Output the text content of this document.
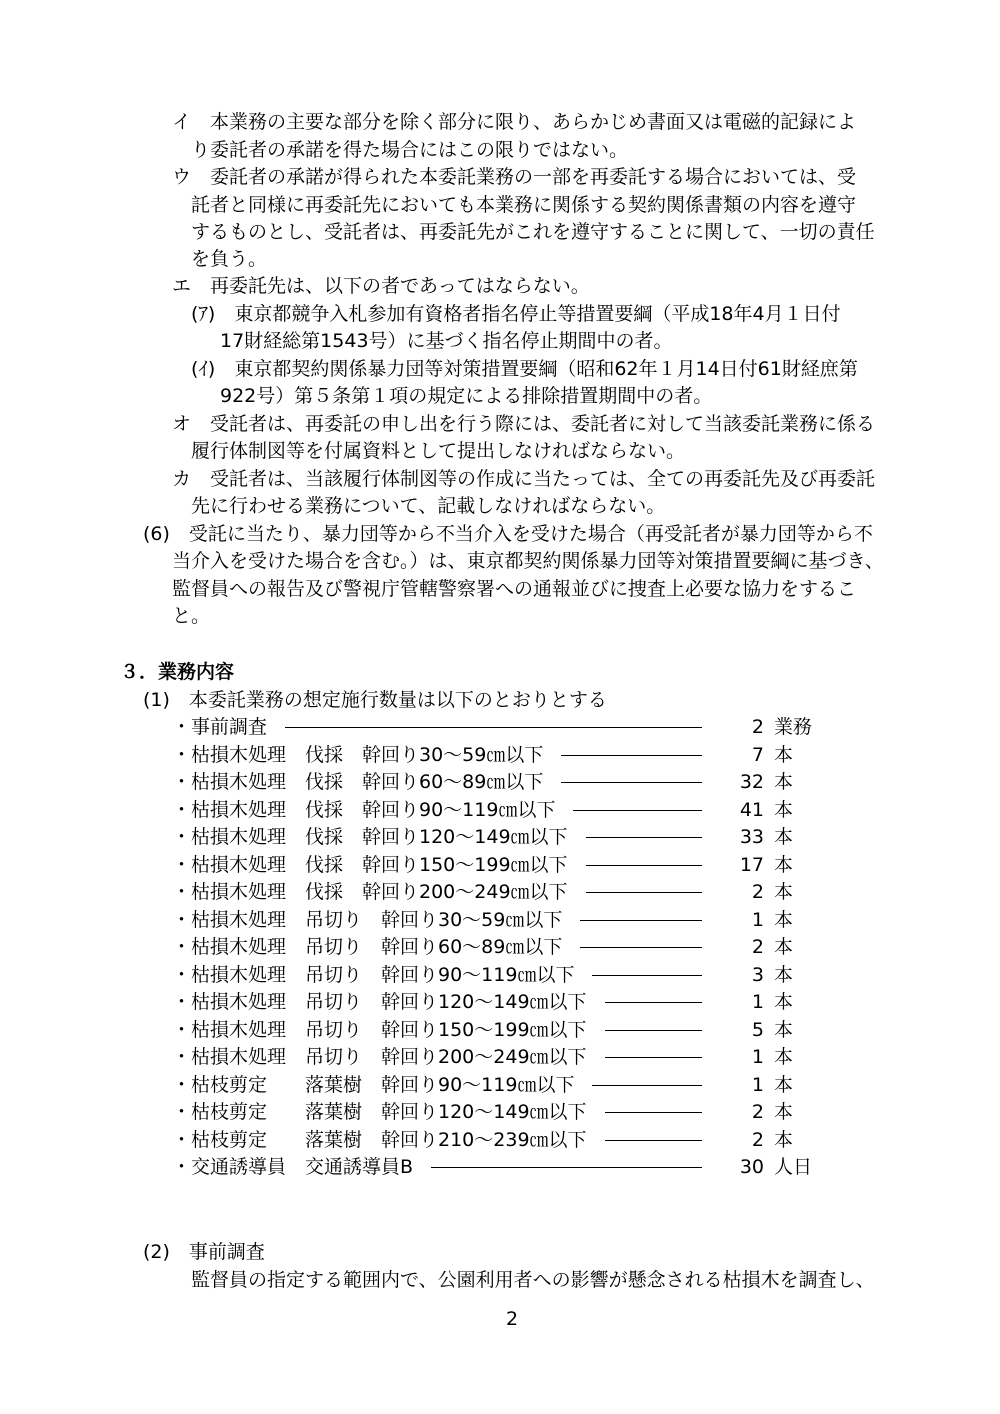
イ　本業務の主要な部分を除く部分に限り、あらかじめ書面又は電磁的記録によ
り委託者の承諾を得た場合にはこの限りではない。
ウ　委託者の承諾が得られた本委託業務の一部を再委託する場合においては、受
託者と同様に再委託先においても本業務に関係する契約関係書類の内容を遵守
するものとし、受託者は、再委託先がこれを遵守することに関して、一切の責任
を負う。
エ　再委託先は、以下の者であってはならない。
(ｱ)　東京都競争入札参加有資格者指名停止等措置要綱（平成18年4月１日付
17財経総第1543号）に基づく指名停止期間中の者。
(ｲ)　東京都契約関係暴力団等対策措置要綱（昭和62年１月14日付61財経庶第
922号）第５条第１項の規定による排除措置期間中の者。
オ　受託者は、再委託の申し出を行う際には、委託者に対して当該委託業務に係る
履行体制図等を付属資料として提出しなければならない。
カ　受託者は、当該履行体制図等の作成に当たっては、全ての再委託先及び再委託
先に行わせる業務について、記載しなければならない。
(6)　受託に当たり、暴力団等から不当介入を受けた場合（再受託者が暴力団等から不
当介入を受けた場合を含む。）は、東京都契約関係暴力団等対策措置要綱に基づき、
監督員への報告及び警視庁管轄警察署への通報並びに捜査上必要な協力をするこ
と。
３．業務内容
(1)　本委託業務の想定施行数量は以下のとおりとする
・事前調査	2 業務
・枯損木処理　伐採　幹回り30～59㎝以下	7 本
・枯損木処理　伐採　幹回り60～89㎝以下	32 本
・枯損木処理　伐採　幹回り90～119㎝以下	41 本
・枯損木処理　伐採　幹回り120～149㎝以下	33 本
・枯損木処理　伐採　幹回り150～199㎝以下	17 本
・枯損木処理　伐採　幹回り200～249㎝以下	2 本
・枯損木処理　吊切り　幹回り30～59㎝以下	1 本
・枯損木処理　吊切り　幹回り60～89㎝以下	2 本
・枯損木処理　吊切り　幹回り90～119㎝以下	3 本
・枯損木処理　吊切り　幹回り120～149㎝以下	1 本
・枯損木処理　吊切り　幹回り150～199㎝以下	5 本
・枯損木処理　吊切り　幹回り200～249㎝以下	1 本
・枯枝剪定　　落葉樹　幹回り90～119㎝以下	1 本
・枯枝剪定　　落葉樹　幹回り120～149㎝以下	2 本
・枯枝剪定　　落葉樹　幹回り210～239㎝以下	2 本
・交通誘導員　交通誘導員B	30 人日
(2)　事前調査
監督員の指定する範囲内で、公園利用者への影響が懸念される枯損木を調査し、
2
